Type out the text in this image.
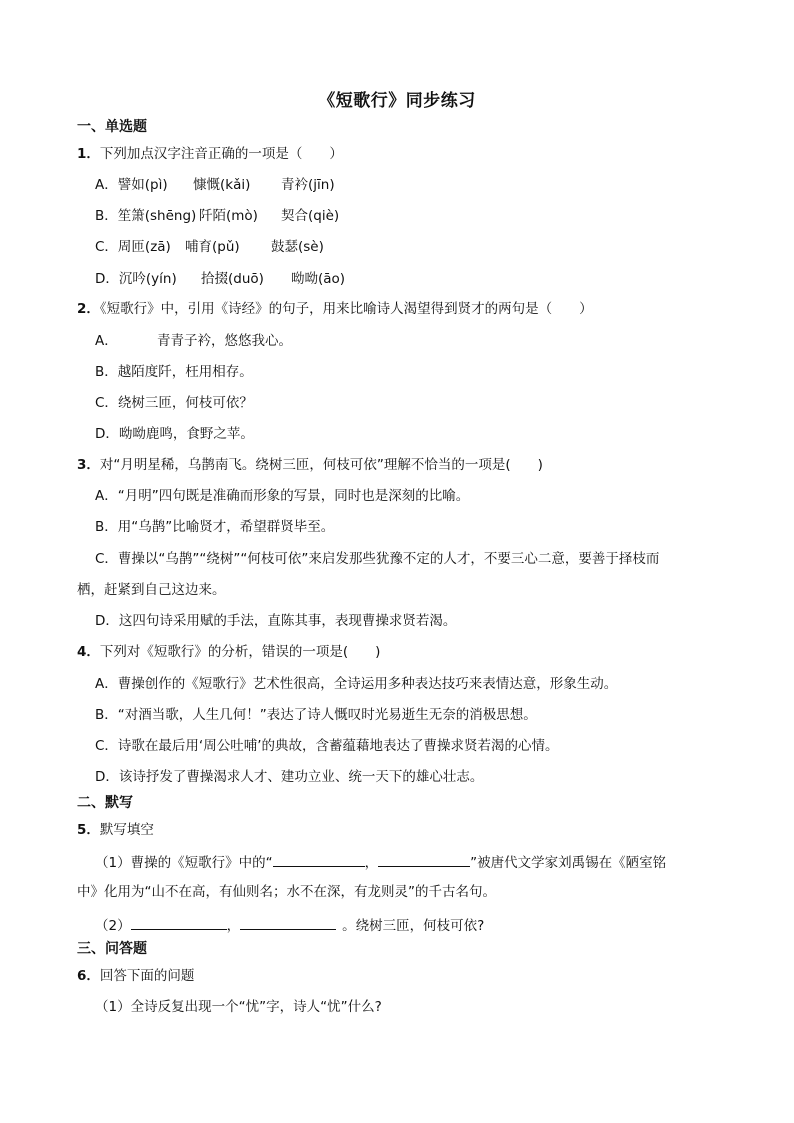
《短歌行》同步练习
一、单选题
1．下列加点汉字注音正确的一项是（　　）
A．譬如(pì) 慷慨(kǎi) 青衿(jīn)
B．笙箫(shēng) 阡陌(mò) 契合(qiè)
C．周匝(zā) 哺育(pǔ) 鼓瑟(sè)
D．沉吟(yín) 拾掇(duō) 呦呦(āo)
2．《短歌行》中，引用《诗经》的句子，用来比喻诗人渴望得到贤才的两句是（　　）
A．	青青子衿，悠悠我心。
B．越陌度阡，枉用相存。
C．绕树三匝，何枝可依？
D．呦呦鹿鸣，食野之苹。
3．对“月明星稀，乌鹊南飞。绕树三匝，何枝可依”理解不恰当的一项是(　　)
A．“月明”四句既是准确而形象的写景，同时也是深刻的比喻。
B．用“乌鹊”比喻贤才，希望群贤毕至。
C．曹操以“乌鹊”“绕树”“何枝可依”来启发那些犹豫不定的人才，不要三心二意，要善于择枝而
栖，赶紧到自己这边来。
D．这四句诗采用赋的手法，直陈其事，表现曹操求贤若渴。
4．下列对《短歌行》的分析，错误的一项是(　　)
A．曹操创作的《短歌行》艺术性很高，全诗运用多种表达技巧来表情达意，形象生动。
B．“对酒当歌，人生几何！”表达了诗人慨叹时光易逝生无奈的消极思想。
C．诗歌在最后用‘周公吐哺’的典故，含蓄蕴藉地表达了曹操求贤若渴的心情。
D．该诗抒发了曹操渴求人才、建功立业、统一天下的雄心壮志。
二、默写
5．默写填空
（1）曹操的《短歌行》中的“	，	”被唐代文学家刘禹锡在《陋室铭
中》化用为“山不在高，有仙则名；水不在深，有龙则灵”的千古名句。
（2）	，	。绕树三匝，何枝可依?
三、问答题
6．回答下面的问题
（1）全诗反复出现一个“忧”字，诗人“忧”什么?
